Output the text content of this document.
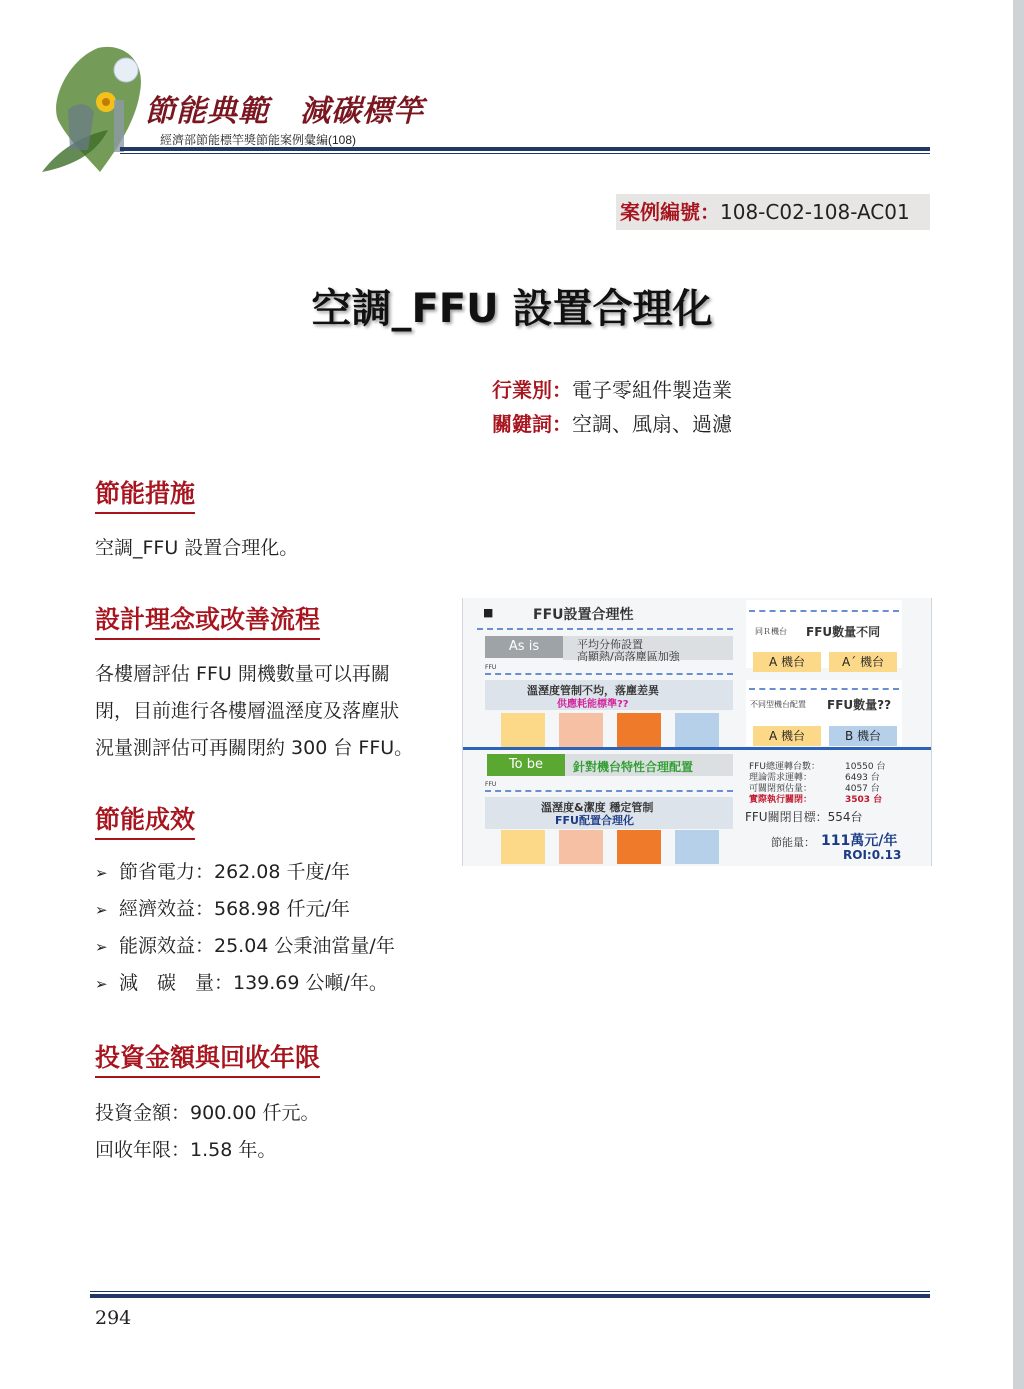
節能典範　減碳標竿
經濟部節能標竿獎節能案例彙編(108)
案例編號：108-C02-108-AC01
空調_FFU 設置合理化
行業別：電子零組件製造業
關鍵詞：空調、風扇、過濾
節能措施
空調_FFU 設置合理化。
設計理念或改善流程
各樓層評估 FFU 開機數量可以再關
閉，目前進行各樓層溫溼度及落塵狀
況量測評估可再關閉約 300 台 FFU。
節能成效
➢ 節省電力：262.08 千度/年
➢ 經濟效益：568.98 仟元/年
➢ 能源效益：25.04 公秉油當量/年
➢ 減　碳　量：139.69 公噸/年。
投資金額與回收年限
投資金額：900.00 仟元。
回收年限：1.58 年。
■	FFU設置合理性
As is	平均分佈設置
高顯熱/高落塵區加強
FFU
溫溼度管制不均，落塵差異
供應耗能標準??
同Ｒ機台 FFU數量不同
A 機台	A´ 機台
不同型機台配置 FFU數量??
A 機台	B 機台
To be	針對機台特性合理配置
FFU
溫溼度&潔度 穩定管制
FFU配置合理化
FFU總運轉台數：	10550 台
理論需求運轉：	6493 台
可關閉預估量：	4057 台
實際執行關閉：	3503 台
FFU關閉目標：554台
節能量： 111萬元/年
ROI:0.13
294
